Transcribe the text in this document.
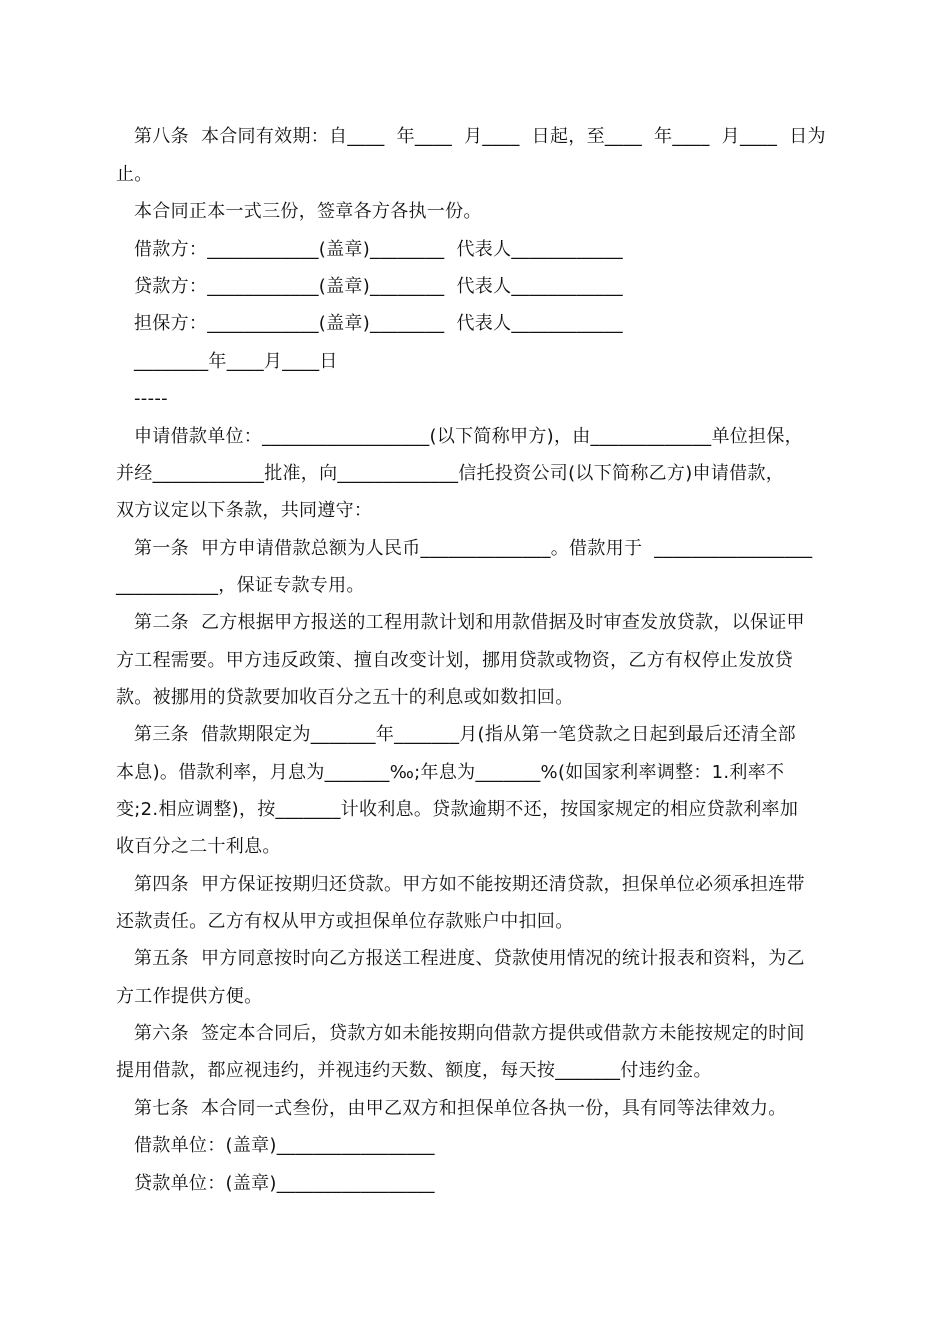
第八条  本合同有效期：自____  年____  月____  日起，至____  年____  月____  日为
止。
本合同正本一式三份，签章各方各执一份。
借款方：____________(盖章)________  代表人____________
贷款方：____________(盖章)________  代表人____________
担保方：____________(盖章)________  代表人____________
________年____月____日
-----
申请借款单位：__________________(以下简称甲方)，由_____________单位担保，
并经____________批准，向_____________信托投资公司(以下简称乙方)申请借款，
双方议定以下条款，共同遵守：
第一条  甲方申请借款总额为人民币______________。借款用于  _________________
___________，保证专款专用。
第二条  乙方根据甲方报送的工程用款计划和用款借据及时审查发放贷款，以保证甲
方工程需要。甲方违反政策、擅自改变计划，挪用贷款或物资，乙方有权停止发放贷
款。被挪用的贷款要加收百分之五十的利息或如数扣回。
第三条  借款期限定为_______年_______月(指从第一笔贷款之日起到最后还清全部
本息)。借款利率，月息为_______‰;年息为_______%(如国家利率调整：1.利率不
变;2.相应调整)，按_______计收利息。贷款逾期不还，按国家规定的相应贷款利率加
收百分之二十利息。
第四条  甲方保证按期归还贷款。甲方如不能按期还清贷款，担保单位必须承担连带
还款责任。乙方有权从甲方或担保单位存款账户中扣回。
第五条  甲方同意按时向乙方报送工程进度、贷款使用情况的统计报表和资料，为乙
方工作提供方便。
第六条  签定本合同后，贷款方如未能按期向借款方提供或借款方未能按规定的时间
提用借款，都应视违约，并视违约天数、额度，每天按_______付违约金。
第七条  本合同一式叁份，由甲乙双方和担保单位各执一份，具有同等法律效力。
借款单位：(盖章)_________________
贷款单位：(盖章)_________________
